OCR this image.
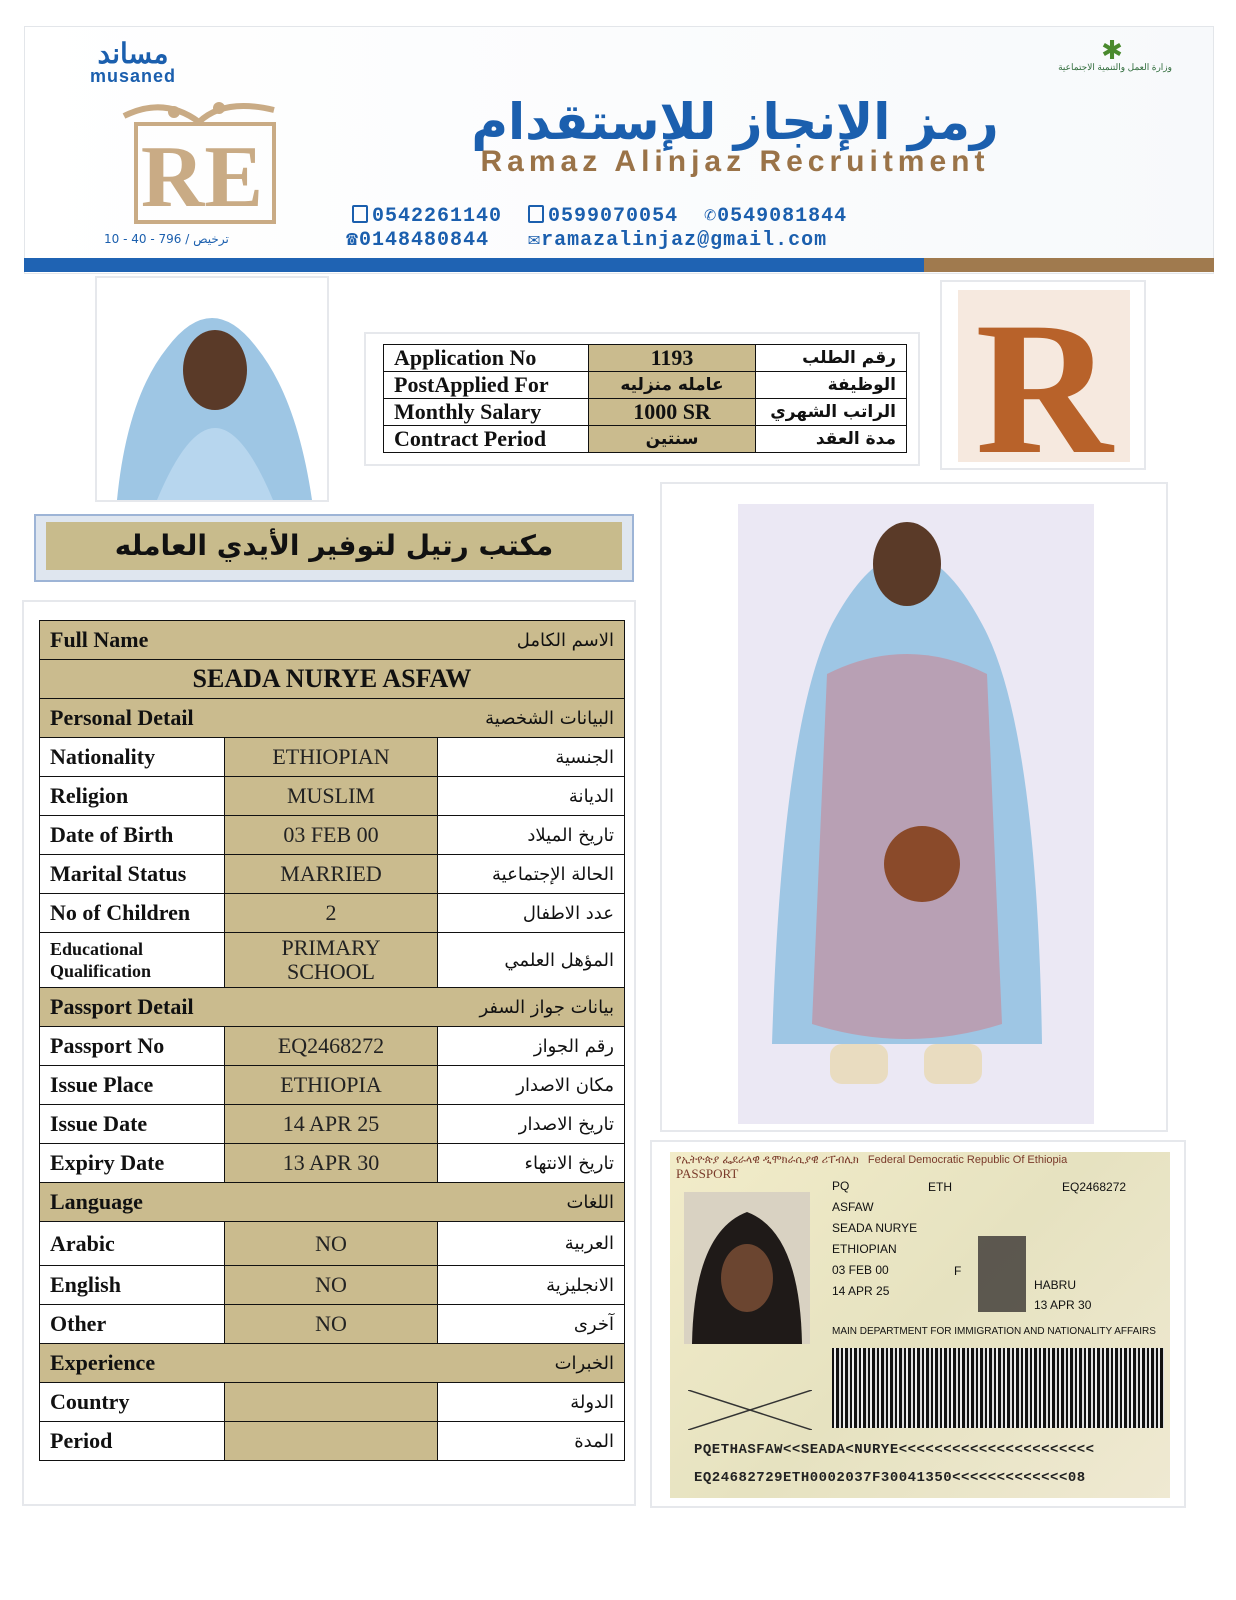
مساند
musaned
✱
وزارة العمل والتنمية الاجتماعية
RE
رمز الإنجاز للإستقدام
Ramaz Alinjaz Recruitment
0542261140 0599070054 ✆0549081844
☎0148480844 ✉ramazalinjaz@gmail.com
ترخيص / 796 - 40 - 10
Application No	1193	رقم الطلب
PostApplied For	عامله منزليه	الوظيفة
Monthly Salary	1000 SR	الراتب الشهري
Contract Period	سنتين	مدة العقد R
مكتب رتيل لتوفير الأيدي العامله
Full Name الاسم الكامل		

SEADA NURYE ASFAW		

Personal Detail البيانات الشخصية		

Nationality	ETHIOPIAN	الجنسية
Religion	MUSLIM	الديانة
Date of Birth	03 FEB 00	تاريخ الميلاد
Marital Status	MARRIED	الحالة الإجتماعية
No of Children	2	عدد الاطفال
Educational
Qualification	PRIMARY
SCHOOL	المؤهل العلمي

Passport Detail بيانات جواز السفر		

Passport No	EQ2468272	رقم الجواز
Issue Place	ETHIOPIA	مكان الاصدار
Issue Date	14 APR 25	تاريخ الاصدار
Expiry Date	13 APR 30	تاريخ الانتهاء

Language اللغات		

Arabic	NO	العربية
English	NO	الانجليزية
Other	NO	آخرى

Experience الخبرات		

Country		الدولة
Period		المدة
የኢትዮጵያ ፌደራላዊ ዲሞክራሲያዊ ሪፐብሊክ Federal Democratic Republic Of Ethiopia
PASSPORT
PQ
ASFAW
SEADA NURYE
ETHIOPIAN
03 FEB 00
14 APR 25
ETH
F
EQ2468272
HABRU
13 APR 30
MAIN DEPARTMENT FOR IMMIGRATION AND NATIONALITY AFFAIRS
PQETHASFAW<<SEADA<NURYE<<<<<<<<<<<<<<<<<<<<<<
EQ24682729ETH0002037F30041350<<<<<<<<<<<<<08
